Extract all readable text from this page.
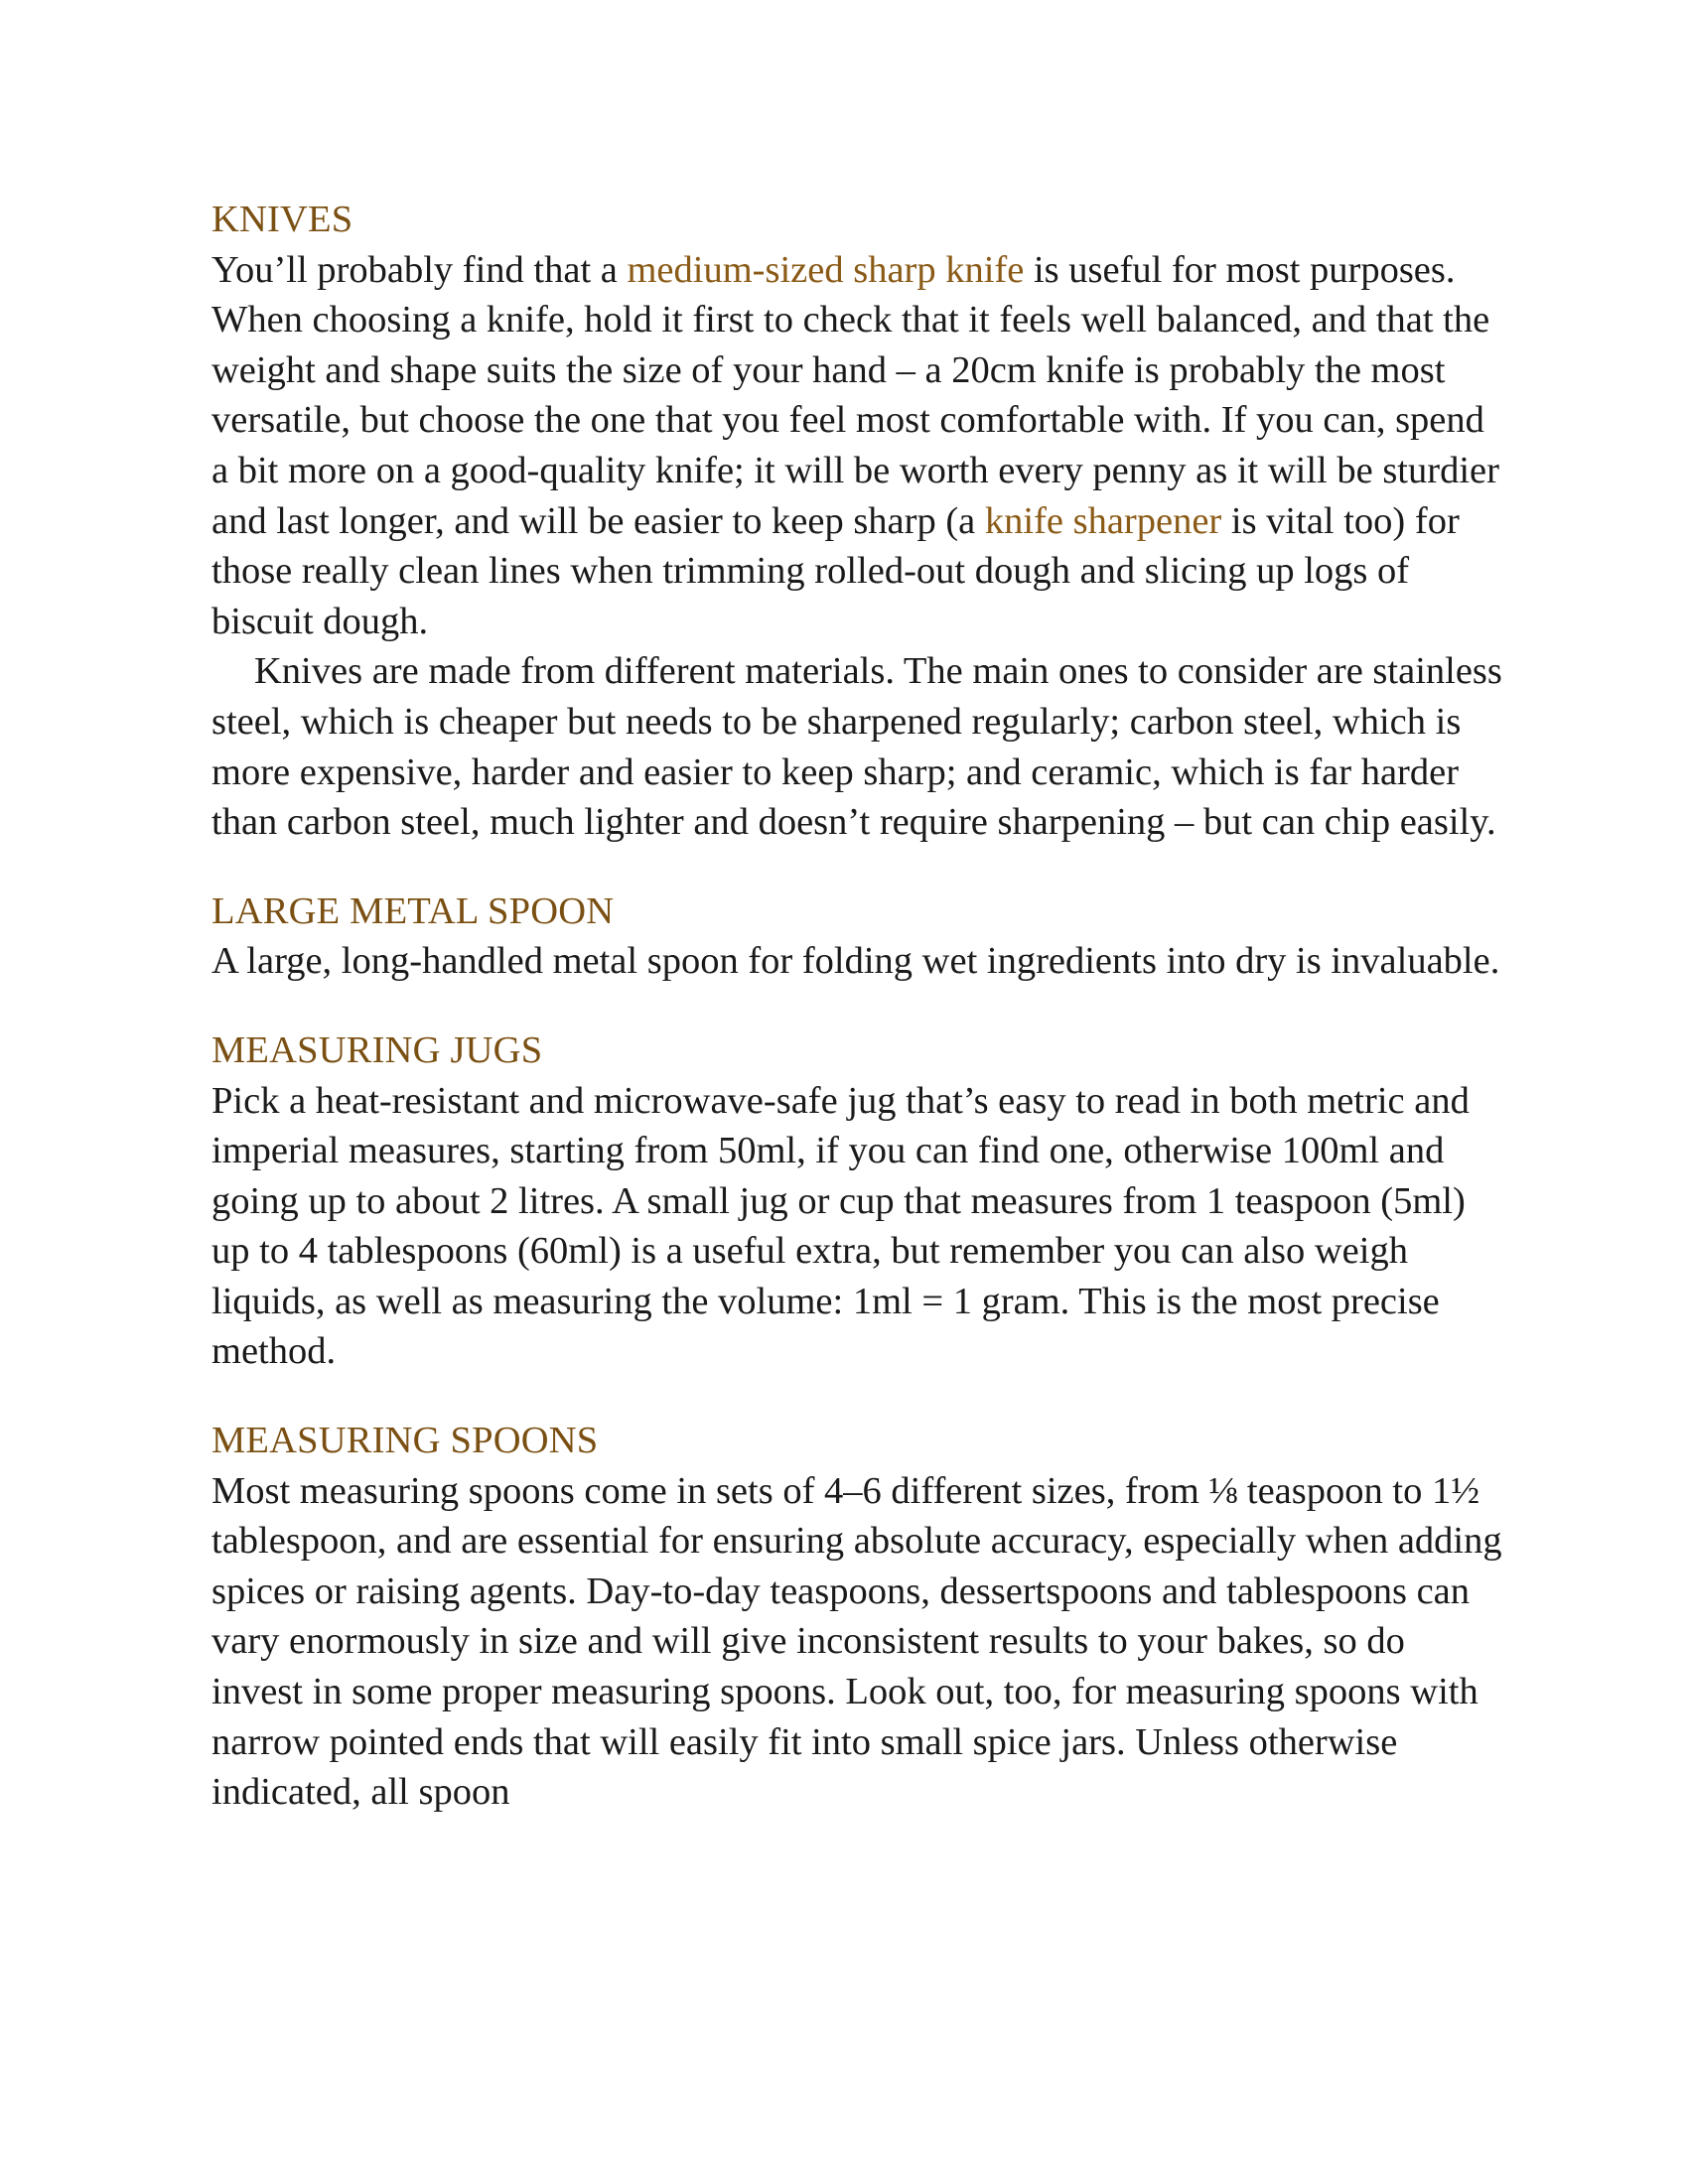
KNIVES

You’ll probably find that a medium-sized sharp knife is useful for most purposes. When choosing a knife, hold it first to check that it feels well balanced, and that the weight and shape suits the size of your hand – a 20cm knife is probably the most versatile, but choose the one that you feel most comfortable with. If you can, spend a bit more on a good-quality knife; it will be worth every penny as it will be sturdier and last longer, and will be easier to keep sharp (a knife sharpener is vital too) for those really clean lines when trimming rolled-out dough and slicing up logs of biscuit dough.

Knives are made from different materials. The main ones to consider are stainless steel, which is cheaper but needs to be sharpened regularly; carbon steel, which is more expensive, harder and easier to keep sharp; and ceramic, which is far harder than carbon steel, much lighter and doesn’t require sharpening – but can chip easily.

LARGE METAL SPOON

A large, long-handled metal spoon for folding wet ingredients into dry is invaluable.

MEASURING JUGS

Pick a heat-resistant and microwave-safe jug that’s easy to read in both metric and imperial measures, starting from 50ml, if you can find one, otherwise 100ml and going up to about 2 litres. A small jug or cup that measures from 1 teaspoon (5ml) up to 4 tablespoons (60ml) is a useful extra, but remember you can also weigh liquids, as well as measuring the volume: 1ml = 1 gram. This is the most precise method.

MEASURING SPOONS

Most measuring spoons come in sets of 4–6 different sizes, from ⅛ teaspoon to 1½ tablespoon, and are essential for ensuring absolute accuracy, especially when adding spices or raising agents. Day-to-day teaspoons, dessertspoons and tablespoons can vary enormously in size and will give inconsistent results to your bakes, so do invest in some proper measuring spoons. Look out, too, for measuring spoons with narrow pointed ends that will easily fit into small spice jars. Unless otherwise indicated, all spoon
